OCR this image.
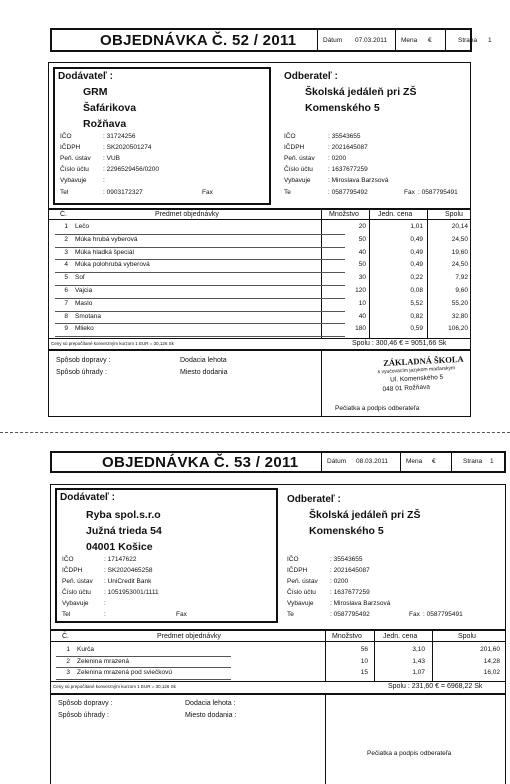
OBJEDNÁVKA Č. 52 / 2011	Dátum 07.03.2011 Mena €	Strana 1
Dodávateľ :
GRM
Šafárikova
Rožňava
IČO	: 31724256
IČDPH	: SK2020501274
Peň. ústav : VUB
Číslo účtu : 2296529456/0200
Vybavuje	:
Tel	: 0903172327	Fax
Odberateľ :
Školská jedáleň pri ZŠ
Komenského 5
IČO	: 35543655
IČDPH	: 2021645087
Peň. ústav : 0200
Číslo účtu : 1637677259
Vybavuje	: Miroslava Barzsová
Te	: 0587795492	Fax : 0587795491
Č.	Predmet objednávky	Množstvo	Jedn. cena	Spolu
1 Lečo	20	1,01	20,14
2 Múka hrubá vyberová	50	0,49	24,50
3 Múka hladká špeciál	40	0,49	19,60
4 Múka polohrubá vyberová	50	0,49	24,50
5 Soľ	30	0,22	7,92
6 Vajcia	120	0,08	9,60
7 Maslo	10	5,52	55,20
8 Smotana	40	0,82	32,80
9 Mlieko	180	0,59	106,20
Ceny sú prepočítané konverzným kurzom 1 EUR = 30,126 Sk	Spolu : 300,46 € = 9051,66 Sk
Spôsob dopravy :	Dodacia lehota
Spôsob úhrady :	Miesto dodania
ZÁKLADNÁ ŠKOLA
s vyučovacím jazykom maďarským
Ul. Komenského 5
048 01 Rožňava
Pečiatka a podpis odberateľa
OBJEDNÁVKA Č. 53 / 2011	Dátum 08.03.2011	Mena €	Strana 1
Dodávateľ :
Ryba spol.s.r.o
Južná trieda 54
04001 Košice
IČO	: 17147622
IČDPH	: SK2020465258
Peň. ústav : UniCredit Bank
Číslo účtu : 1051953001/1111
Vybavuje :
Tel	:	Fax
Odberateľ :
Školská jedáleň pri ZŠ
Komenského 5
IČO	: 35543655
IČDPH	: 2021645087
Peň. ústav : 0200
Číslo účtu : 1637677259
Vybavuje	: Miroslava Barzsová
Te	: 0587795492	Fax : 0587795491
Č.	Predmet objednávky	Množstvo	Jedn. cena	Spolu
1 Kurča	56	3,10	201,60
2 Zelenina mrazená	10	1,43	14,28
3 Zelenina mrazená pod sviečkovú	15	1,07	16,02
Ceny sú prepočítané konverzným kurzom 1 EUR = 30,126 Sk	Spolu : 231,60 € = 6968,22 Sk
Spôsob dopravy :	Dodacia lehota :
Spôsob úhrady :	Miesto dodania :
Pečiatka a podpis odberateľa
